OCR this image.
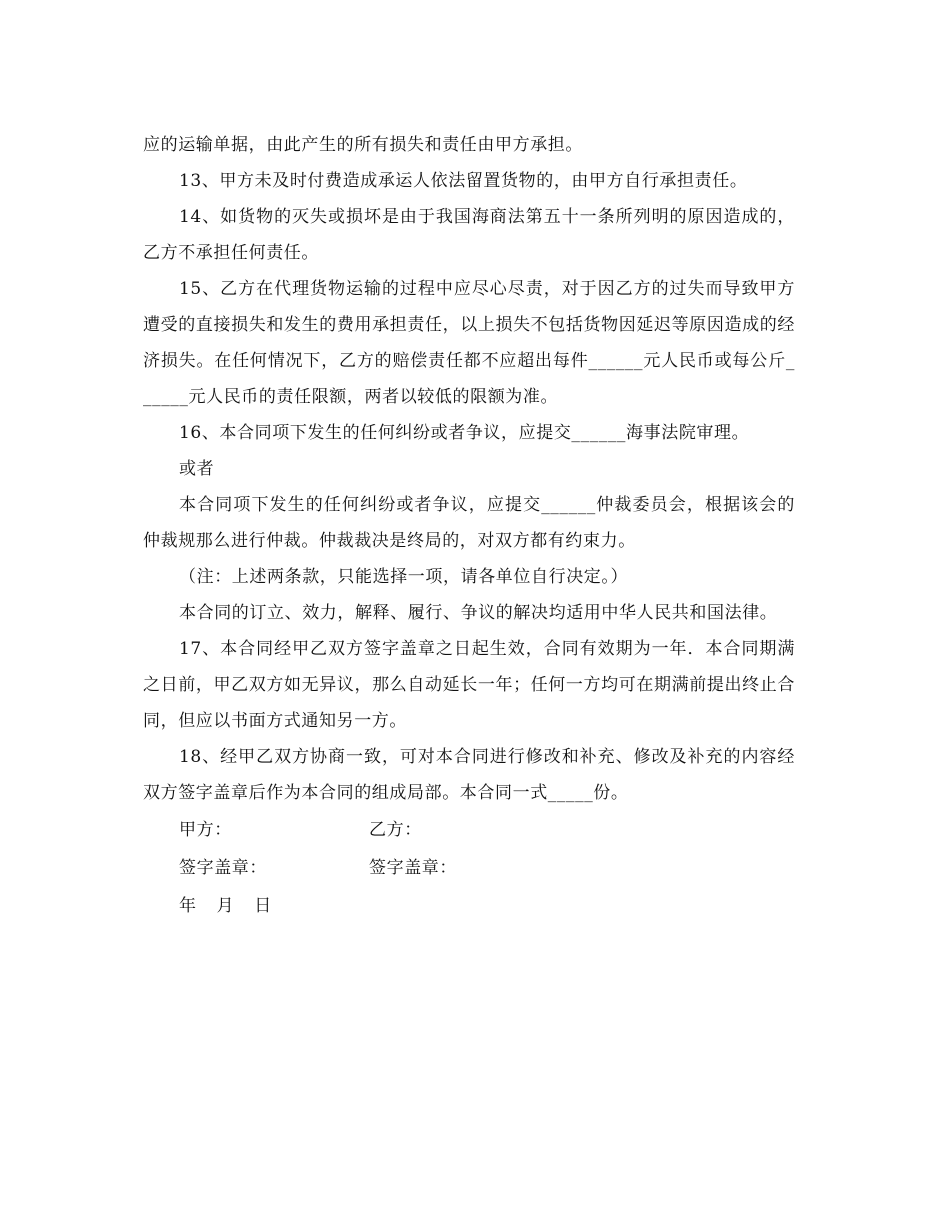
应的运输单据，由此产生的所有损失和责任由甲方承担。

13、甲方未及时付费造成承运人依法留置货物的，由甲方自行承担责任。

14、如货物的灭失或损坏是由于我国海商法第五十一条所列明的原因造成的， 乙方不承担任何责任。

15、乙方在代理货物运输的过程中应尽心尽责，对于因乙方的过失而导致甲方遭受的直接损失和发生的费用承担责任，以上损失不包括货物因延迟等原因造成的经济损失。在任何情况下，乙方的赔偿责任都不应超出每件______元人民币或每公斤______元人民币的责任限额，两者以较低的限额为准。

16、本合同项下发生的任何纠纷或者争议，应提交______海事法院审理。

或者

本合同项下发生的任何纠纷或者争议，应提交______仲裁委员会，根据该会的仲裁规那么进行仲裁。仲裁裁决是终局的，对双方都有约束力。

（注：上述两条款，只能选择一项，请各单位自行决定。）

本合同的订立、效力，解释、履行、争议的解决均适用中华人民共和国法律。

17、本合同经甲乙双方签字盖章之日起生效，合同有效期为一年．本合同期满之日前，甲乙双方如无异议，那么自动延长一年；任何一方均可在期满前提出终止合同，但应以书面方式通知另一方。

18、经甲乙双方协商一致，可对本合同进行修改和补充、修改及补充的内容经双方签字盖章后作为本合同的组成局部。本合同一式_____份。

甲方：	乙方：
签字盖章：	签字盖章：
年 月 日
